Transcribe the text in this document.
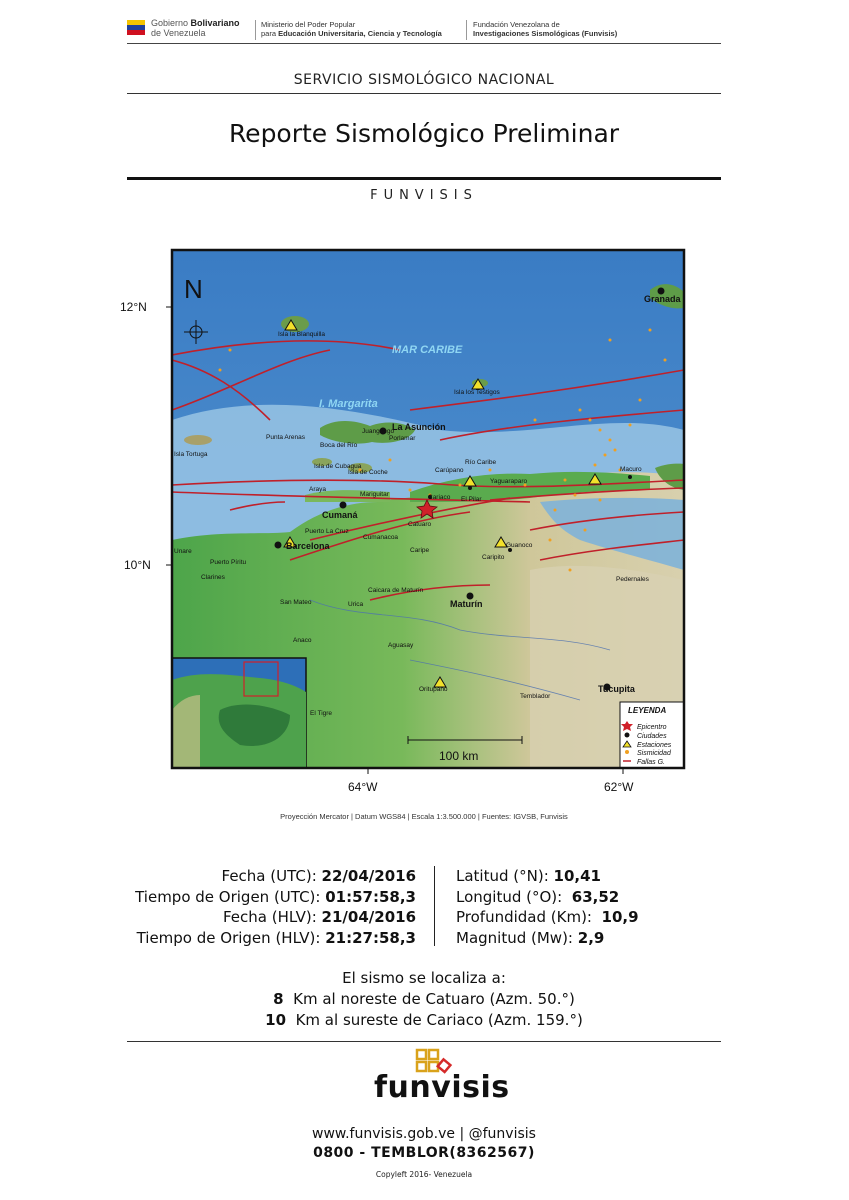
Gobierno Bolivariano
de Venezuela
Ministerio del Poder Popular
para Educación Universitaria, Ciencia y Tecnología
Fundación Venezolana de
Investigaciones Sismológicas (Funvisis)
SERVICIO SISMOLÓGICO NACIONAL
Reporte Sismológico Preliminar
FUNVISIS
N
MAR CARIBE
I. Margarita
12°N
10°N
64°W	62°W
100 km
La Asunción
Cumaná
Barcelona
Maturín
Tucupita
Granada
Juangriego
Porlamar
Carúpano
Mariguitar	Cariaco
Río Caribe
Cumanacoa
Isla la Blanquilla
Isla los Testigos
Isla Tortuga
Punta Arenas
Boca del Río
Isla de Cubagua
Isla de Coche
Araya
El Pilar
Yaguaraparo
Macuro
Guanoco
Caripito
Pedernales
Puerto Píritu
Clarines
Unare
Puerto La Cruz
San Mateo
Anaco
Urica
Caicara de Maturín
Aguasay
Oritupano
Temblador
El Tigre
Caripe
Catuaro
LEYENDA
Epicentro
Ciudades
Estaciones
Sismicidad
Fallas G.
Proyección Mercator | Datum WGS84 | Escala 1:3.500.000 | Fuentes: IGVSB, Funvisis
Fecha (UTC): 22/04/2016
Tiempo de Origen (UTC): 01:57:58,3
Fecha (HLV): 21/04/2016
Tiempo de Origen (HLV): 21:27:58,3
Latitud (°N): 10,41
Longitud (°O): 63,52
Profundidad (Km): 10,9
Magnitud (Mw): 2,9
El sismo se localiza a:
8 Km al noreste de Catuaro (Azm. 50.°)
10 Km al sureste de Cariaco (Azm. 159.°)
funvisis
www.funvisis.gob.ve | @funvisis
0800 - TEMBLOR(8362567)
Copyleft 2016- Venezuela
